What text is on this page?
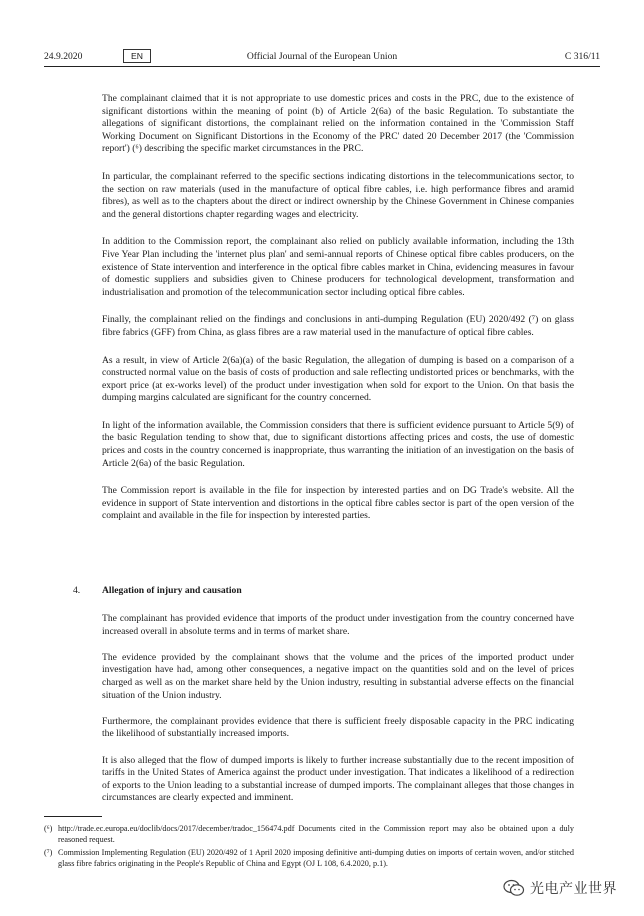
24.9.2020	EN	Official Journal of the European Union	C 316/11

The complainant claimed that it is not appropriate to use domestic prices and costs in the PRC, due to the existence of significant distortions within the meaning of point (b) of Article 2(6a) of the basic Regulation. To substantiate the allegations of significant distortions, the complainant relied on the information contained in the 'Commission Staff Working Document on Significant Distortions in the Economy of the PRC' dated 20 December 2017 (the 'Commission report') (⁶) describing the specific market circumstances in the PRC.

In particular, the complainant referred to the specific sections indicating distortions in the telecommunications sector, to the section on raw materials (used in the manufacture of optical fibre cables, i.e. high performance fibres and aramid fibres), as well as to the chapters about the direct or indirect ownership by the Chinese Government in Chinese companies and the general distortions chapter regarding wages and electricity.

In addition to the Commission report, the complainant also relied on publicly available information, including the 13th Five Year Plan including the 'internet plus plan' and semi-annual reports of Chinese optical fibre cables producers, on the existence of State intervention and interference in the optical fibre cables market in China, evidencing measures in favour of domestic suppliers and subsidies given to Chinese producers for technological development, transformation and industrialisation and promotion of the telecommunication sector including optical fibre cables.

Finally, the complainant relied on the findings and conclusions in anti-dumping Regulation (EU) 2020/492 (⁷) on glass fibre fabrics (GFF) from China, as glass fibres are a raw material used in the manufacture of optical fibre cables.

As a result, in view of Article 2(6a)(a) of the basic Regulation, the allegation of dumping is based on a comparison of a constructed normal value on the basis of costs of production and sale reflecting undistorted prices or benchmarks, with the export price (at ex-works level) of the product under investigation when sold for export to the Union. On that basis the dumping margins calculated are significant for the country concerned.

In light of the information available, the Commission considers that there is sufficient evidence pursuant to Article 5(9) of the basic Regulation tending to show that, due to significant distortions affecting prices and costs, the use of domestic prices and costs in the country concerned is inappropriate, thus warranting the initiation of an investigation on the basis of Article 2(6a) of the basic Regulation.

The Commission report is available in the file for inspection by interested parties and on DG Trade's website. All the evidence in support of State intervention and distortions in the optical fibre cables sector is part of the open version of the complaint and available in the file for inspection by interested parties.

4. Allegation of injury and causation

The complainant has provided evidence that imports of the product under investigation from the country concerned have increased overall in absolute terms and in terms of market share.

The evidence provided by the complainant shows that the volume and the prices of the imported product under investigation have had, among other consequences, a negative impact on the quantities sold and on the level of prices charged as well as on the market share held by the Union industry, resulting in substantial adverse effects on the financial situation of the Union industry.

Furthermore, the complainant provides evidence that there is sufficient freely disposable capacity in the PRC indicating the likelihood of substantially increased imports.

It is also alleged that the flow of dumped imports is likely to further increase substantially due to the recent imposition of tariffs in the United States of America against the product under investigation. That indicates a likelihood of a redirection of exports to the Union leading to a substantial increase of dumped imports. The complainant alleges that those changes in circumstances are clearly expected and imminent.

(⁶) http://trade.ec.europa.eu/doclib/docs/2017/december/tradoc_156474.pdf Documents cited in the Commission report may also be obtained upon a duly reasoned request.
(⁷) Commission Implementing Regulation (EU) 2020/492 of 1 April 2020 imposing definitive anti-dumping duties on imports of certain woven, and/or stitched glass fibre fabrics originating in the People's Republic of China and Egypt (OJ L 108, 6.4.2020, p.1).
光电产业世界
